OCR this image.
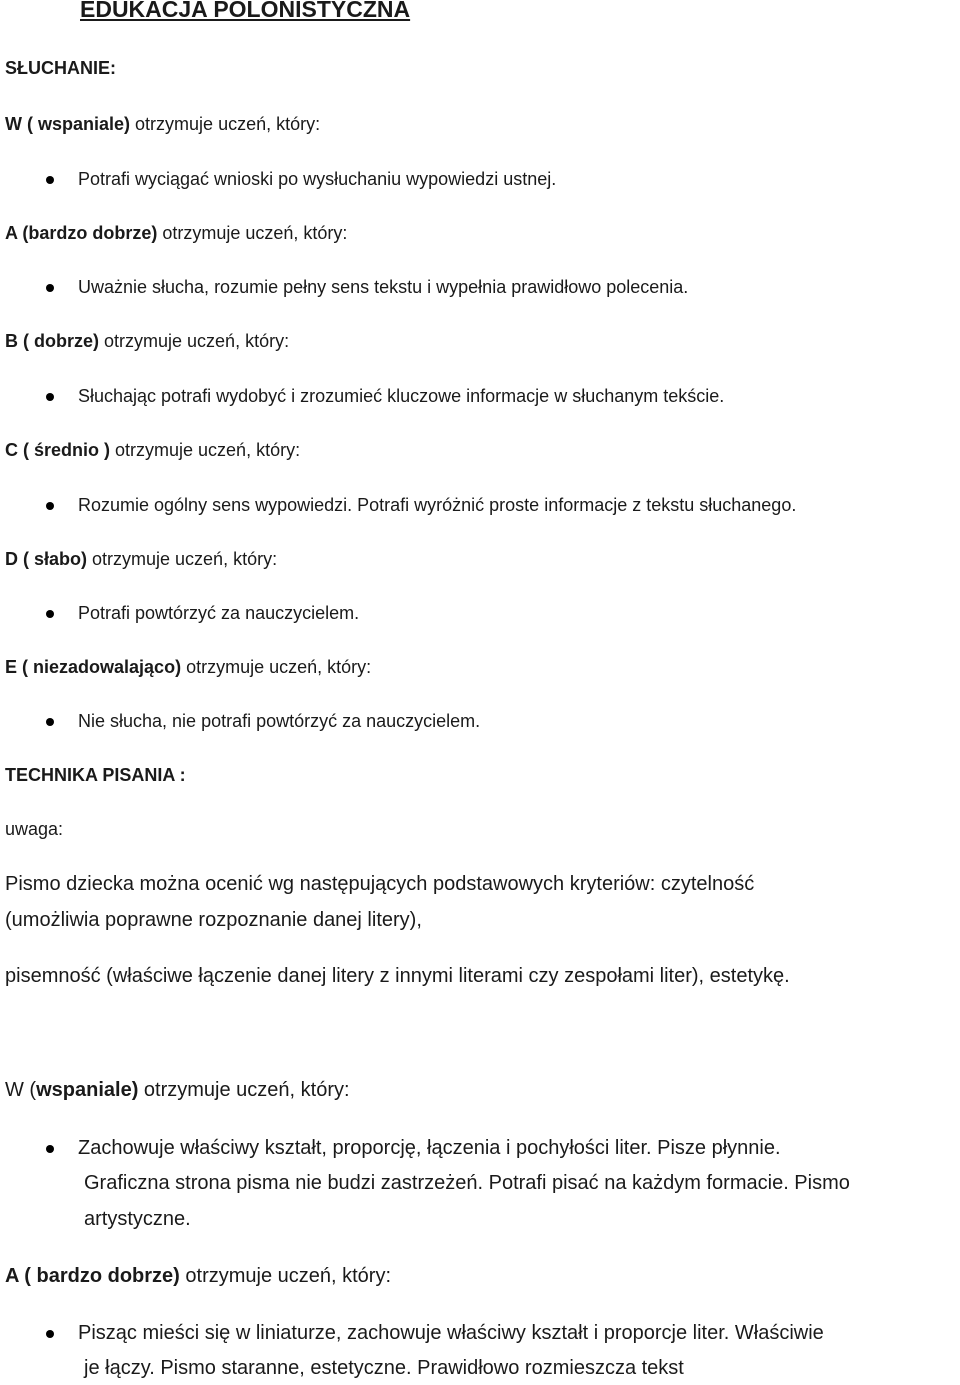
EDUKACJA POLONISTYCZNA
SŁUCHANIE:
W ( wspaniale) otrzymuje uczeń, który:
Potrafi wyciągać wnioski po wysłuchaniu wypowiedzi ustnej.
A (bardzo dobrze) otrzymuje uczeń, który:
Uważnie słucha, rozumie pełny sens tekstu i wypełnia prawidłowo polecenia.
B ( dobrze) otrzymuje uczeń, który:
Słuchając potrafi wydobyć i zrozumieć kluczowe informacje w słuchanym tekście.
C ( średnio ) otrzymuje uczeń, który:
Rozumie ogólny sens wypowiedzi. Potrafi wyróżnić proste informacje z tekstu słuchanego.
D ( słabo) otrzymuje uczeń, który:
Potrafi powtórzyć za nauczycielem.
E ( niezadowalająco) otrzymuje uczeń, który:
Nie słucha, nie potrafi powtórzyć za nauczycielem.
TECHNIKA PISANIA :
uwaga:
Pismo dziecka można ocenić wg następujących podstawowych kryteriów: czytelność
(umożliwia poprawne rozpoznanie danej litery),
pisemność (właściwe łączenie danej litery z innymi literami czy zespołami liter), estetykę.
W (wspaniale) otrzymuje uczeń, który:
Zachowuje właściwy kształt, proporcję, łączenia i pochyłości liter. Pisze płynnie.
Graficzna strona pisma nie budzi zastrzeżeń. Potrafi pisać na każdym formacie. Pismo
artystyczne.
A ( bardzo dobrze) otrzymuje uczeń, który:
Pisząc mieści się w liniaturze, zachowuje właściwy kształt i proporcje liter. Właściwie
je łączy. Pismo staranne, estetyczne. Prawidłowo rozmieszcza tekst
